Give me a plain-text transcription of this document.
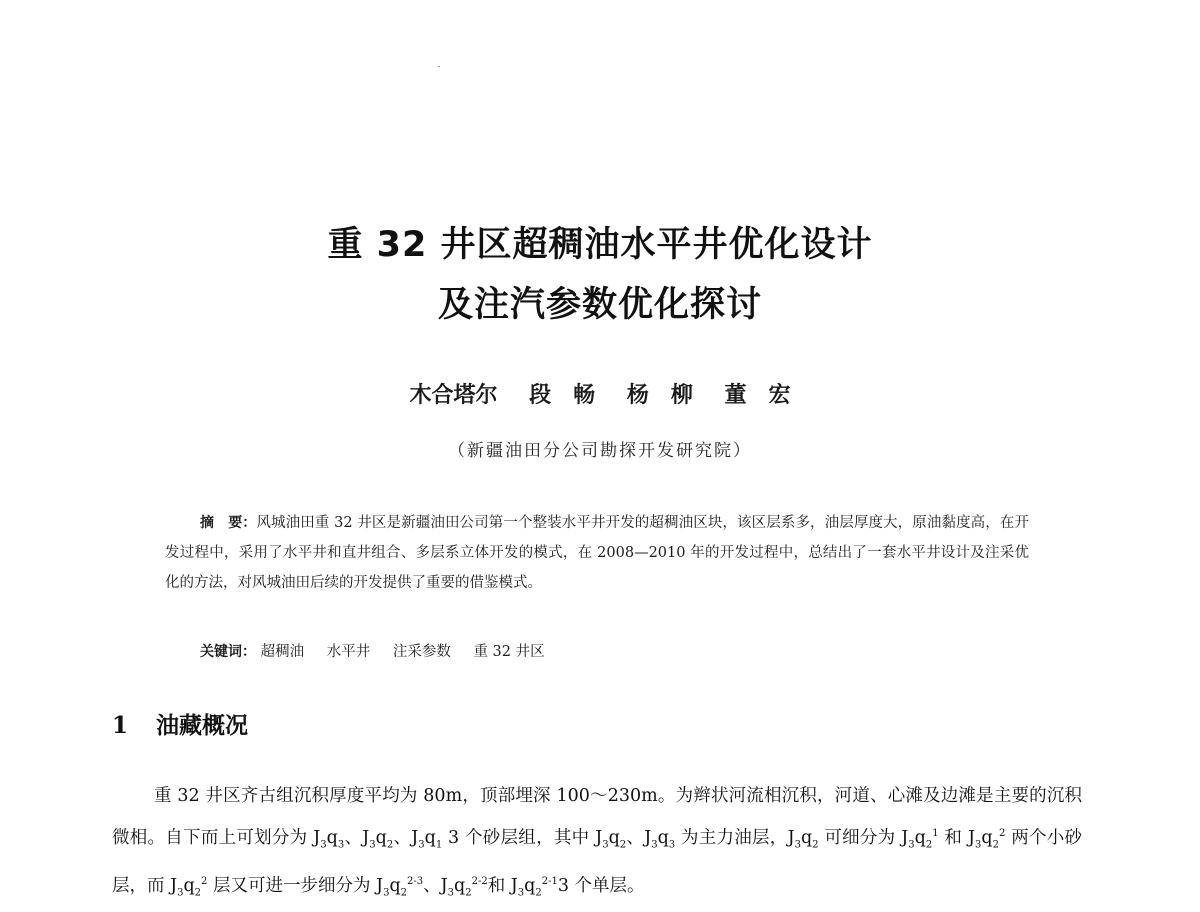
重 32 井区超稠油水平井优化设计
及注汽参数优化探讨
木合塔尔 段　畅 杨　柳 董　宏
（新疆油田分公司勘探开发研究院）

摘　要：风城油田重 32 井区是新疆油田公司第一个整装水平井开发的超稠油区块，该区层系多，油层厚度大，原油黏度高，在开发过程中，采用了水平井和直井组合、多层系立体开发的模式，在 2008—2010 年的开发过程中，总结出了一套水平井设计及注采优化的方法，对风城油田后续的开发提供了重要的借鉴模式。

关键词： 超稠油 水平井 注采参数 重 32 井区
1 油藏概况

重 32 井区齐古组沉积厚度平均为 80m，顶部埋深 100～230m。为辫状河流相沉积，河道、心滩及边滩是主要的沉积微相。自下而上可划分为 $J_3q_3$、$J_3q_2$、$J_3q_1$ 3 个砂层组，其中 $J_3q_2$、$J_3q_3$ 为主力油层，$J_3q_2$ 可细分为 $J_3q_2^1$ 和 $J_3q_2^2$ 两个小砂层，而 $J_3q_2^2$ 层又可进一步细分为 $J_3q_2^{2-3}$、$J_3q_2^{2-2}$和 $J_3q_2^{2-1}3$ 个单层。
